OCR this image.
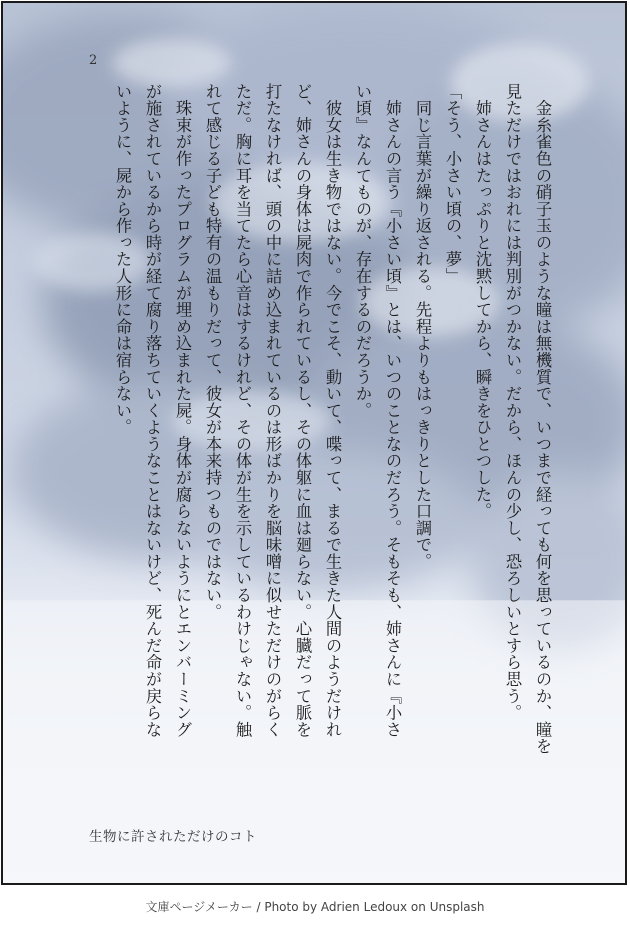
2

　金糸雀色の硝子玉のような瞳は無機質で、いつまで経っても何を思っているのか、瞳を

見ただけではおれには判別がつかない。だから、ほんの少し、恐ろしいとすら思う。

　姉さんはたっぷりと沈黙してから、瞬きをひとつした。

「そう、小さい頃の、夢」

　同じ言葉が繰り返される。先程よりもはっきりとした口調で。

　姉さんの言う『小さい頃』とは、いつのことなのだろう。そもそも、姉さんに『小さ

い頃』なんてものが、存在するのだろうか。

　彼女は生き物ではない。今でこそ、動いて、喋って、まるで生きた人間のようだけれ

ど、姉さんの身体は屍肉で作られているし、その体躯に血は廻らない。心臓だって脈を

打たなければ、頭の中に詰め込まれているのは形ばかりを脳味噌に似せただけのがらく

ただ。胸に耳を当てたら心音はするけれど、その体が生を示しているわけじゃない。触

れて感じる子ども特有の温もりだって、彼女が本来持つものではない。

　珠束が作ったプログラムが埋め込まれた屍。身体が腐らないようにとエンバーミング

が施されているから時が経て腐り落ちていくようなことはないけど、死んだ命が戻らな

いように、屍から作った人形に命は宿らない。

生物に許されただけのコト
文庫ページメーカー / Photo by Adrien Ledoux on Unsplash
